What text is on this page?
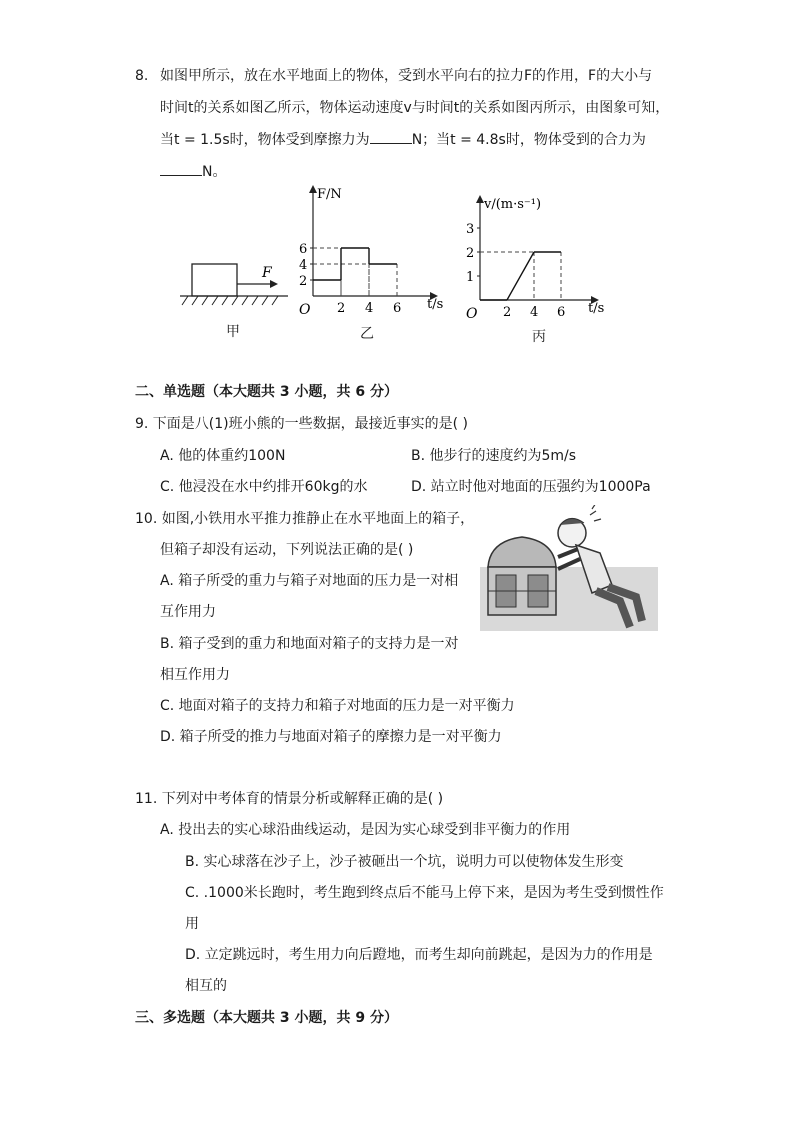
8. 如图甲所示，放在水平地面上的物体，受到水平向右的拉力F的作用，F的大小与
时间t的关系如图乙所示，物体运动速度v与时间t的关系如图丙所示，由图象可知，
当t = 1.5s时，物体受到摩擦力为	N；当t = 4.8s时，物体受到的合力为
N。
F
甲
O	t/s
F/N
2 4 6
2
4
6
乙
O	t/s
v/(m·s⁻¹)
2 4 6
1
2
3
丙
二、单选题（本大题共 3 小题，共 6 分）
9. 下面是八(1)班小熊的一些数据，最接近事实的是( )
A. 他的体重约100N	B. 他步行的速度约为5m/s
C. 他浸没在水中约排开60kg的水	D. 站立时他对地面的压强约为1000Pa
10. 如图,小铁用水平推力推静止在水平地面上的箱子，
但箱子却没有运动，下列说法正确的是( )
A. 箱子所受的重力与箱子对地面的压力是一对相
互作用力
B. 箱子受到的重力和地面对箱子的支持力是一对
相互作用力
C. 地面对箱子的支持力和箱子对地面的压力是一对平衡力
D. 箱子所受的推力与地面对箱子的摩擦力是一对平衡力
11. 下列对中考体育的情景分析或解释正确的是( )
A. 投出去的实心球沿曲线运动，是因为实心球受到非平衡力的作用
B. 实心球落在沙子上，沙子被砸出一个坑，说明力可以使物体发生形变
C. .1000米长跑时，考生跑到终点后不能马上停下来，是因为考生受到惯性作
用
D. 立定跳远时，考生用力向后蹬地，而考生却向前跳起，是因为力的作用是
相互的
三、多选题（本大题共 3 小题，共 9 分）
